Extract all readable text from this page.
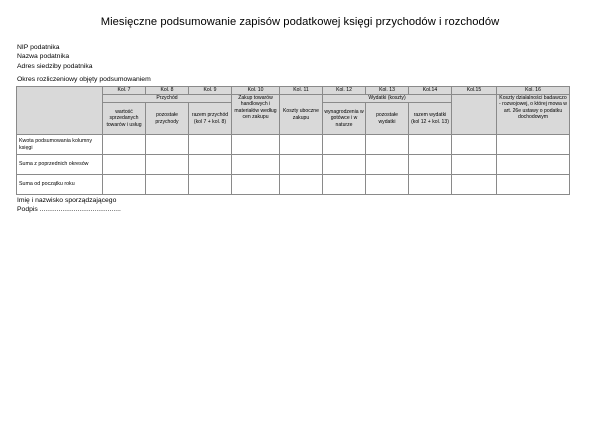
Miesięczne podsumowanie zapisów podatkowej księgi przychodów i rozchodów
NIP podatnika
Nazwa podatnika
Adres siedziby podatnika
Okres rozliczeniowy objęty podsumowaniem
	Kol. 7	Kol. 8	Kol. 9	Kol. 10	Kol. 11	Kol. 12	Kol. 13	Kol.14	Kol.15	Kol. 16
	Przychód			Zakup towarów handlowych i materiałów według cen zakupu	Koszty uboczne zakupu	Wydatki (koszty)				Koszty działalności badawczo - rozwojowej, o której mowa w art. 26e ustawy o podatku dochodowym
	wartość sprzedanych towarów i usług	pozostałe przychody	razem przychód (kol 7 + kol. 8)			wynagrodzenia w gotówce i w naturze	pozostałe wydatki	razem wydatki (kol 12 + kol. 13)		
Kwota podsumowania kolumny księgi										
Suma z poprzednich okresów										
Suma od początku roku										
Imię i nazwisko sporządzającego
Podpis ...........................................
